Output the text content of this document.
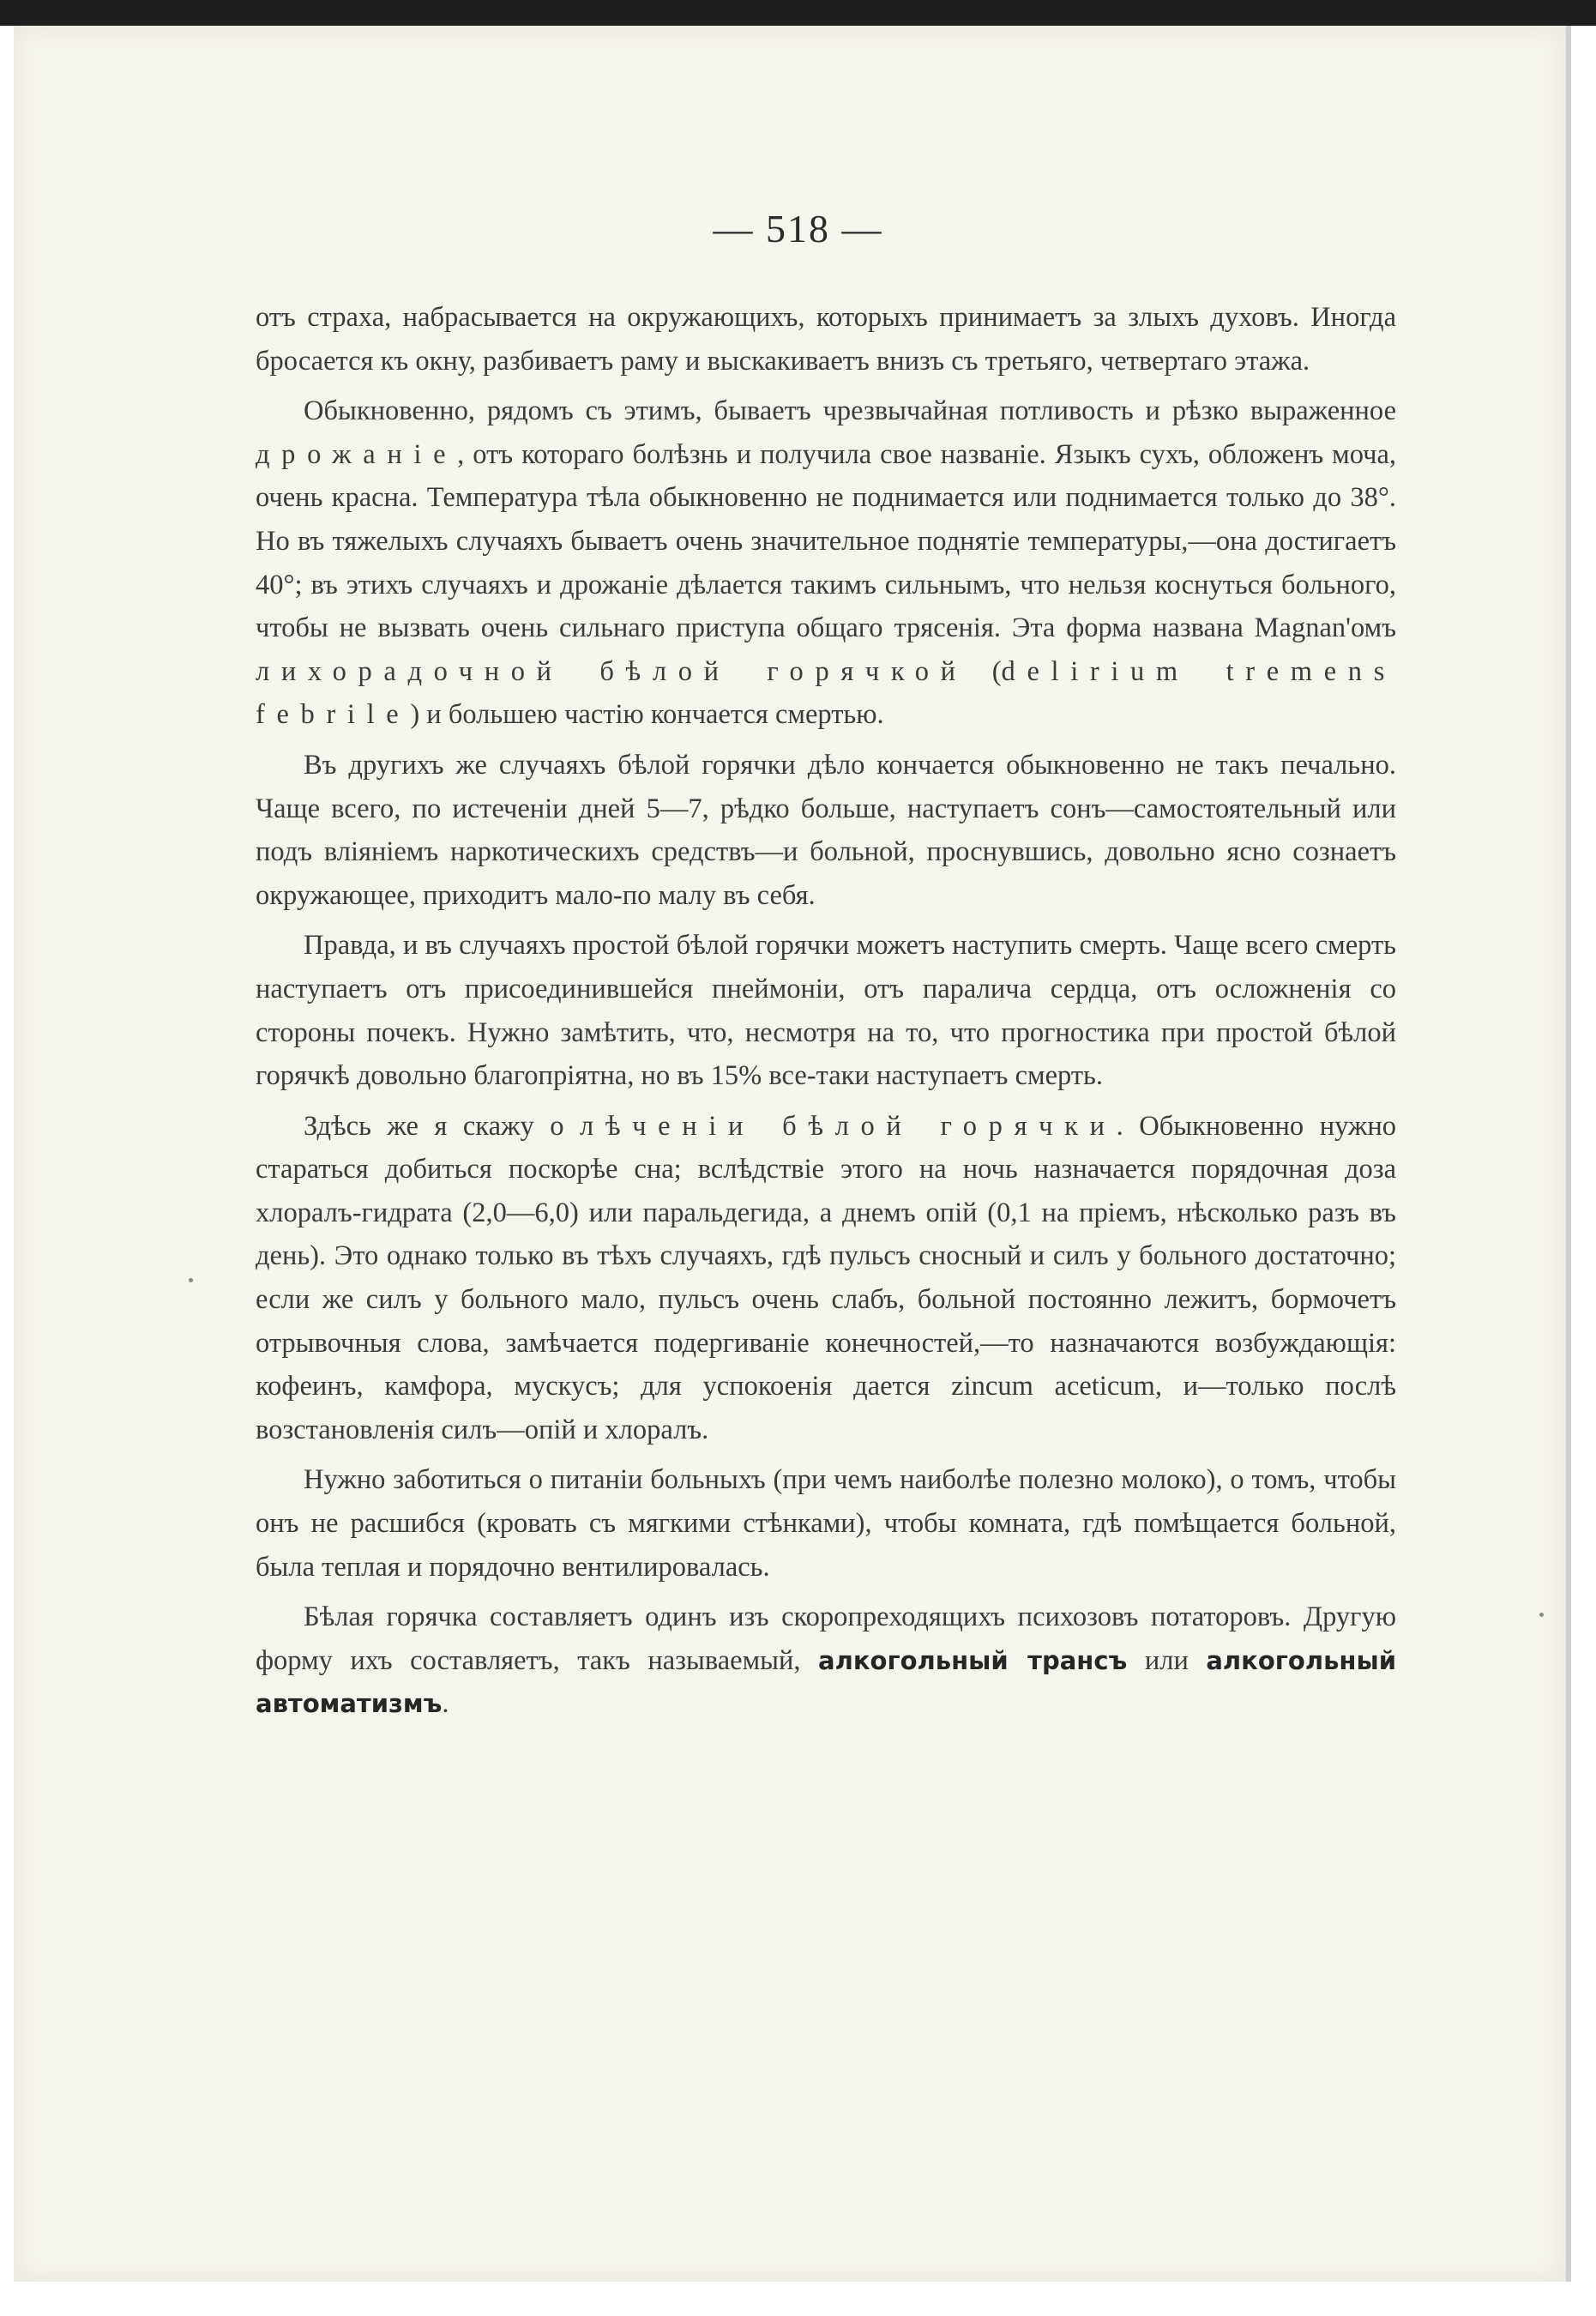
— 518 —

отъ страха, набрасывается на окружающихъ, которыхъ принимаетъ за злыхъ духовъ. Иногда бросается къ окну, разбиваетъ раму и выскакиваетъ внизъ съ третьяго, четвертаго этажа.

Обыкновенно, рядомъ съ этимъ, бываетъ чрезвычайная потливость и рѣзко выраженное дрожаніе, отъ котораго болѣзнь и получила свое названіе. Языкъ сухъ, обложенъ моча, очень красна. Температура тѣла обыкновенно не поднимается или поднимается только до 38°. Но въ тяжелыхъ случаяхъ бываетъ очень значительное поднятіе температуры,—она достигаетъ 40°; въ этихъ случаяхъ и дрожаніе дѣлается такимъ сильнымъ, что нельзя коснуться больного, чтобы не вызвать очень сильнаго приступа общаго трясенія. Эта форма названа Magnan'омъ лихорадочной бѣлой горячкой (delirium tremens febrile) и большею частію кончается смертью.

Въ другихъ же случаяхъ бѣлой горячки дѣло кончается обыкновенно не такъ печально. Чаще всего, по истеченіи дней 5—7, рѣдко больше, наступаетъ сонъ—самостоятельный или подъ вліяніемъ наркотическихъ средствъ—и больной, проснувшись, довольно ясно сознаетъ окружающее, приходитъ мало-по малу въ себя.

Правда, и въ случаяхъ простой бѣлой горячки можетъ наступить смерть. Чаще всего смерть наступаетъ отъ присоединившейся пнеймоніи, отъ паралича сердца, отъ осложненія со стороны почекъ. Нужно замѣтить, что, несмотря на то, что прогностика при простой бѣлой горячкѣ довольно благопріятна, но въ 15% все-таки наступаетъ смерть.

Здѣсь же я скажу о лѣченіи бѣлой горячки. Обыкновенно нужно стараться добиться поскорѣе сна; вслѣдствіе этого на ночь назначается порядочная доза хлоралъ-гидрата (2,0—6,0) или паральдегида, а днемъ опій (0,1 на пріемъ, нѣсколько разъ въ день). Это однако только въ тѣхъ случаяхъ, гдѣ пульсъ сносный и силъ у больного достаточно; если же силъ у больного мало, пульсъ очень слабъ, больной постоянно лежитъ, бормочетъ отрывочныя слова, замѣчается подергиваніе конечностей,—то назначаются возбуждающія: кофеинъ, камфора, мускусъ; для успокоенія дается zincum aceticum, и—только послѣ возстановленія силъ—опій и хлоралъ.

Нужно заботиться о питаніи больныхъ (при чемъ наиболѣе полезно молоко), о томъ, чтобы онъ не расшибся (кровать съ мягкими стѣнками), чтобы комната, гдѣ помѣщается больной, была теплая и порядочно вентилировалась.

Бѣлая горячка составляетъ одинъ изъ скоропреходящихъ психозовъ потаторовъ. Другую форму ихъ составляетъ, такъ называемый, алкогольный трансъ или алкогольный автоматизмъ.
